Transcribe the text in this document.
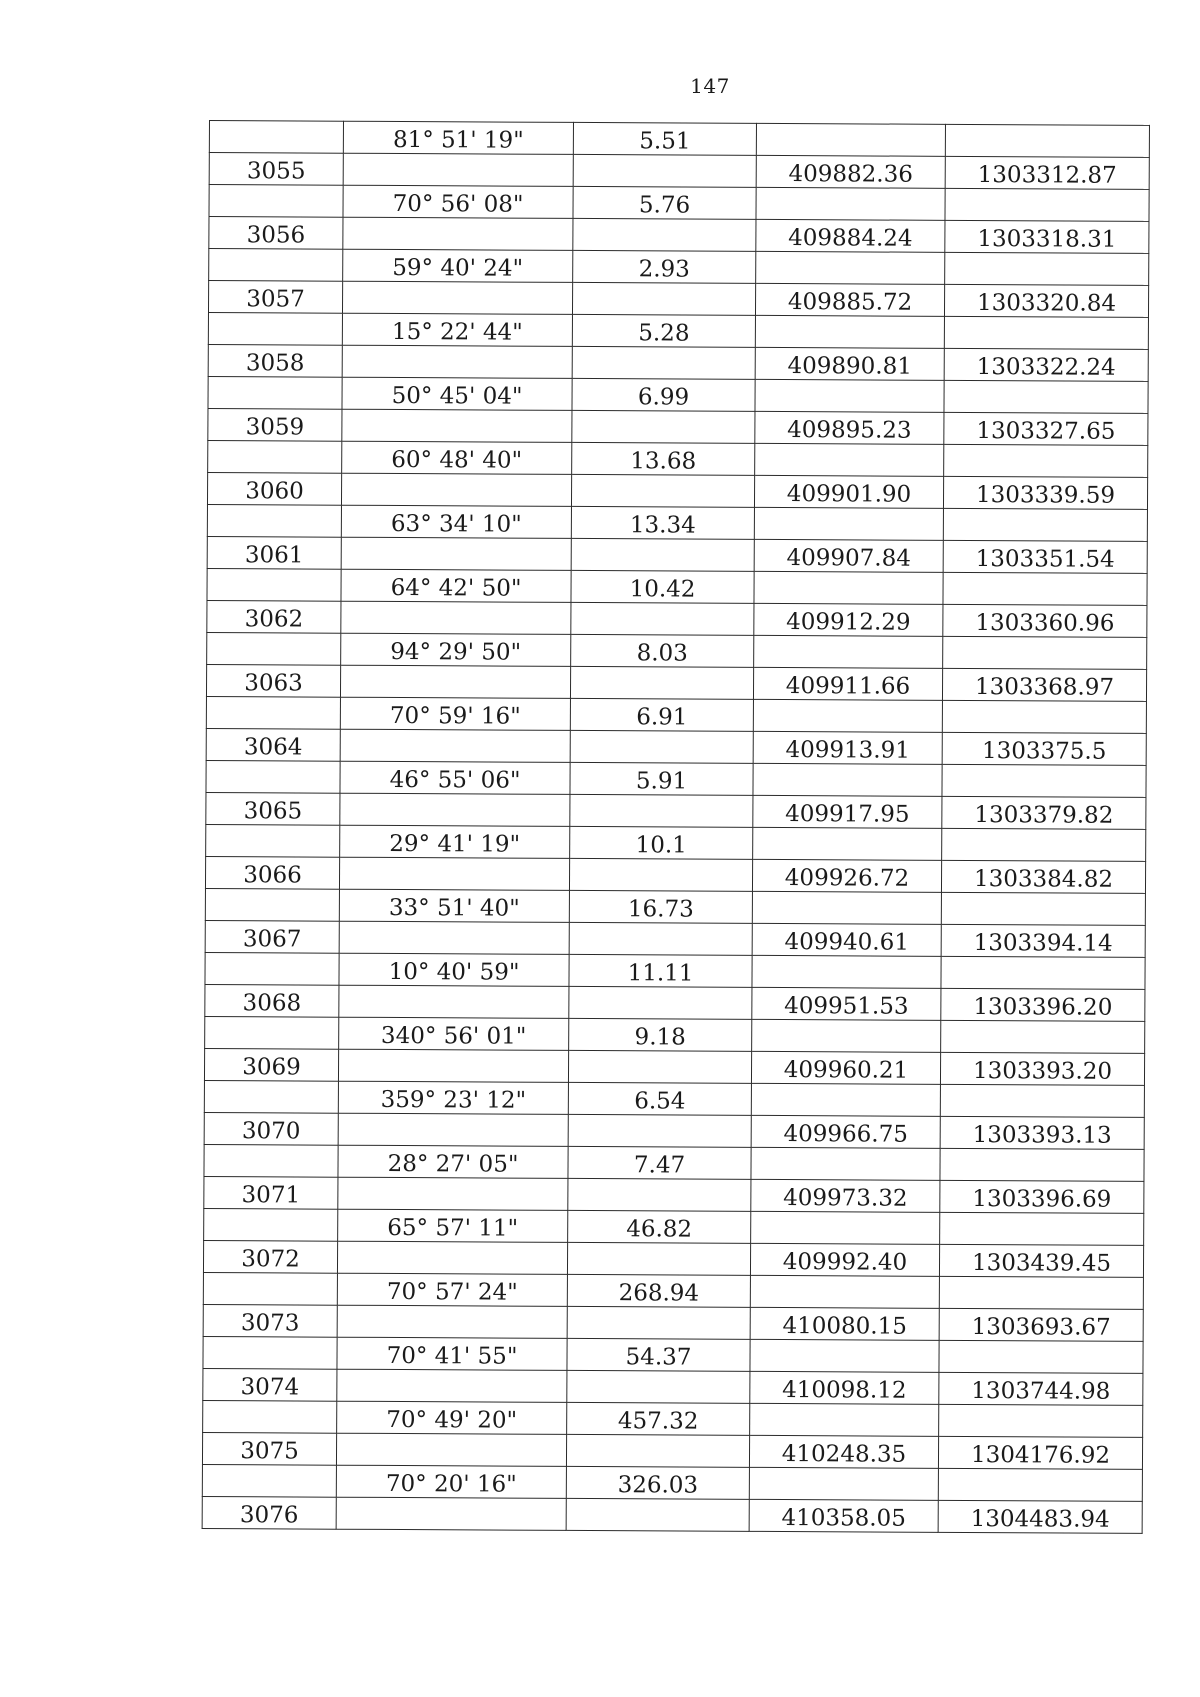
147
	81° 51' 19"	5.51		
3055			409882.36	1303312.87
	70° 56' 08"	5.76		
3056			409884.24	1303318.31
	59° 40' 24"	2.93		
3057			409885.72	1303320.84
	15° 22' 44"	5.28		
3058			409890.81	1303322.24
	50° 45' 04"	6.99		
3059			409895.23	1303327.65
	60° 48' 40"	13.68		
3060			409901.90	1303339.59
	63° 34' 10"	13.34		
3061			409907.84	1303351.54
	64° 42' 50"	10.42		
3062			409912.29	1303360.96
	94° 29' 50"	8.03		
3063			409911.66	1303368.97
	70° 59' 16"	6.91		
3064			409913.91	1303375.5
	46° 55' 06"	5.91		
3065			409917.95	1303379.82
	29° 41' 19"	10.1		
3066			409926.72	1303384.82
	33° 51' 40"	16.73		
3067			409940.61	1303394.14
	10° 40' 59"	11.11		
3068			409951.53	1303396.20
	340° 56' 01"	9.18		
3069			409960.21	1303393.20
	359° 23' 12"	6.54		
3070			409966.75	1303393.13
	28° 27' 05"	7.47		
3071			409973.32	1303396.69
	65° 57' 11"	46.82		
3072			409992.40	1303439.45
	70° 57' 24"	268.94		
3073			410080.15	1303693.67
	70° 41' 55"	54.37		
3074			410098.12	1303744.98
	70° 49' 20"	457.32		
3075			410248.35	1304176.92
	70° 20' 16"	326.03		
3076			410358.05	1304483.94
